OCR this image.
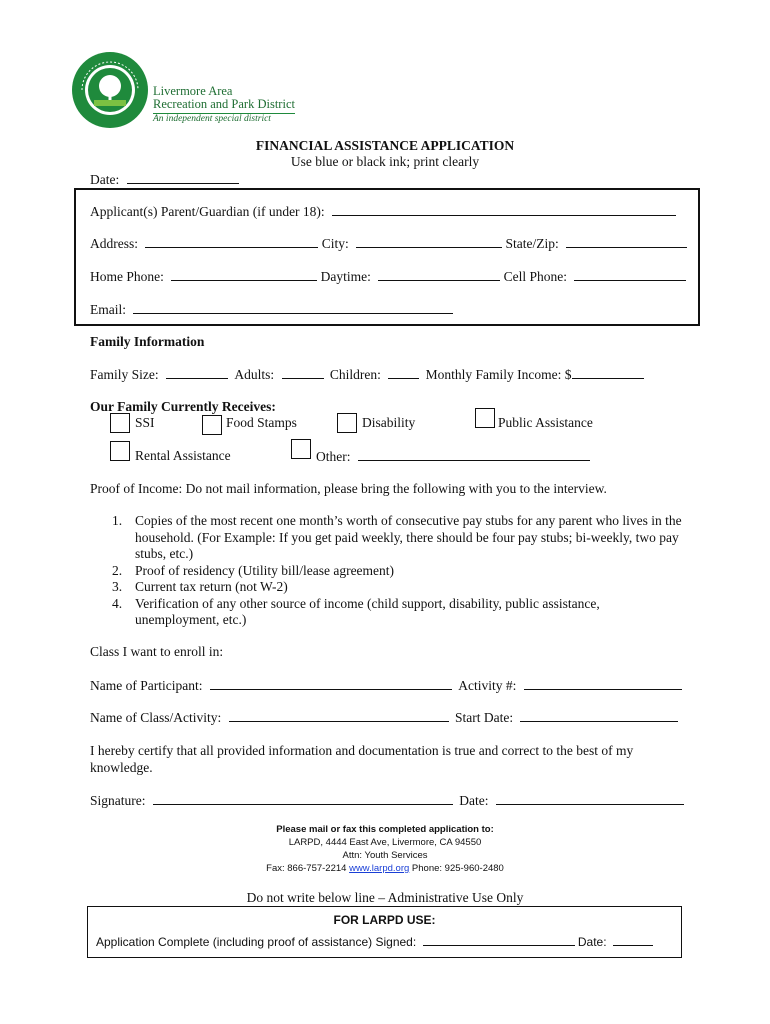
Livermore Area
Recreation and Park District
An independent special district
FINANCIAL ASSISTANCE APPLICATION
Use blue or black ink; print clearly
Date:
Applicant(s) Parent/Guardian (if under 18):
Address:	City:	State/Zip:
Home Phone:	Daytime:	Cell Phone:
Email:
Family Information
Family Size:	Adults:	Children:	Monthly Family Income: $
Our Family Currently Receives:
SSI	Food Stamps	Disability	Public Assistance
Rental Assistance	Other:
Proof of Income: Do not mail information, please bring the following with you to the interview.
1. Copies of the most recent one month’s worth of consecutive pay stubs for any parent who lives in the household. (For Example: If you get paid weekly, there should be four pay stubs; bi-weekly, two pay stubs, etc.)
2. Proof of residency (Utility bill/lease agreement)
3. Current tax return (not W-2)
4. Verification of any other source of income (child support, disability, public assistance, unemployment, etc.)
Class I want to enroll in:
Name of Participant:	Activity #:
Name of Class/Activity:	Start Date:
I hereby certify that all provided information and documentation is true and correct to the best of my knowledge.
Signature:	Date:
Please mail or fax this completed application to:
LARPD, 4444 East Ave, Livermore, CA 94550
Attn: Youth Services
Fax: 866-757-2214 www.larpd.org Phone: 925-960-2480
Do not write below line – Administrative Use Only
FOR LARPD USE:
Application Complete (including proof of assistance) Signed:	Date:
